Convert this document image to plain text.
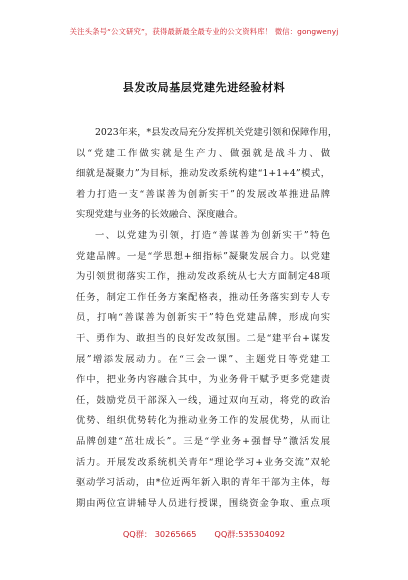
关注头条号“公文研究”，获得最新最全最专业的公文资料库！ 微信：gongwenyj
县发改局基层党建先进经验材料
2023年来，*县发改局充分发挥机关党建引领和保障作用，
以“党建工作做实就是生产力、做强就是战斗力、做
细就是凝聚力”为目标，推动发改系统构建“1+1+4”模式，
着力打造一支“善谋善为创新实干”的发展改革推进品牌
实现党建与业务的长效融合、深度融合。
一、以党建为引领，打造“善谋善为创新实干”特色
党建品牌。一是“学思想+细指标”凝聚发展合力。以党建
为引领贯彻落实工作，推动发改系统从七大方面制定48项
任务，制定工作任务方案配格表，推动任务落实到专人专
员，打响“善谋善为创新实干”特色党建品牌，形成向实
干、勇作为、敢担当的良好发改氛围。二是“建平台+谋发
展”增添发展动力。在“三会一课”、主题党日等党建工
作中，把业务内容融合其中，为业务骨干赋予更多党建责
任，鼓励党员干部深入一线，通过双向互动，将党的政治
优势、组织优势转化为推动业务工作的发展优势，从而让
品牌创建“茁壮成长”。三是“学业务+强督导”激活发展
活力。开展发改系统机关青年“理论学习+业务交流”双轮
驱动学习活动，由*位近两年新入职的青年干部为主体，每
期由两位宣讲辅导人员进行授课，围绕资金争取、重点项
QQ群： 30265665 QQ群:535304092
